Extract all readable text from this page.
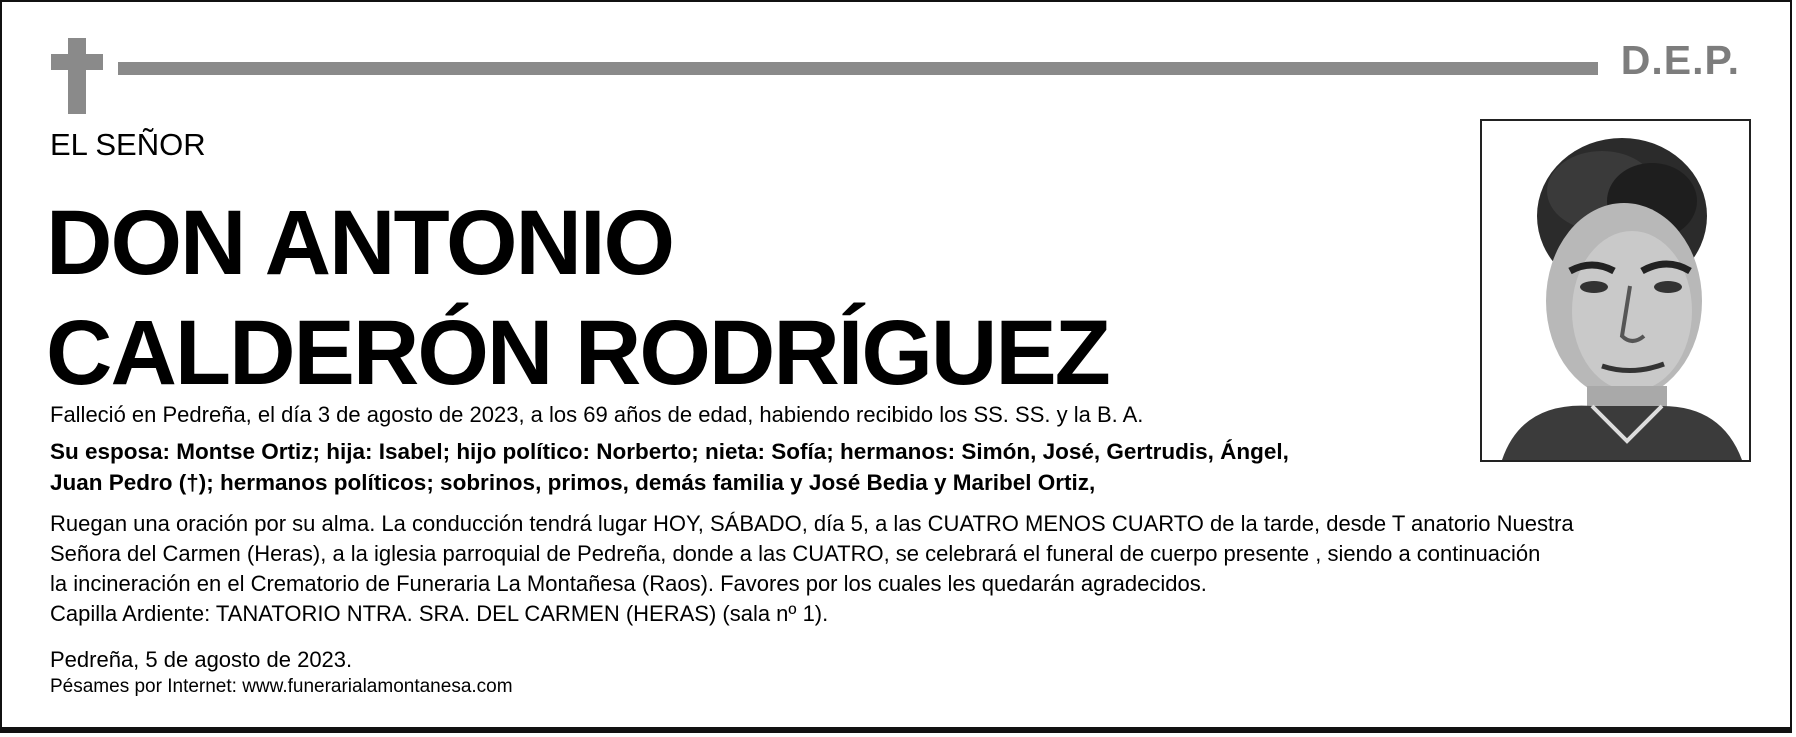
D.E.P.
EL SEÑOR
DON ANTONIO
CALDERÓN RODRÍGUEZ
Falleció en Pedreña, el día 3 de agosto de 2023, a los 69 años de edad, habiendo recibido los SS. SS. y la B. A.
Su esposa: Montse Ortiz; hija: Isabel; hijo político: Norberto; nieta: Sofía; hermanos: Simón, José, Gertrudis, Ángel,
Juan Pedro (†); hermanos políticos; sobrinos, primos, demás familia y José Bedia y Maribel Ortiz,
Ruegan una oración por su alma. La conducción tendrá lugar HOY, SÁBADO, día 5, a las CUATRO MENOS CUARTO de la tarde, desde T anatorio Nuestra
Señora del Carmen (Heras), a la iglesia parroquial de Pedreña, donde a las CUATRO, se celebrará el funeral de cuerpo presente , siendo a continuación
la incineración en el Crematorio de Funeraria La Montañesa (Raos). Favores por los cuales les quedarán agradecidos.
Capilla Ardiente: TANATORIO NTRA. SRA. DEL CARMEN (HERAS) (sala nº 1).
Pedreña, 5 de agosto de 2023.
Pésames por Internet: www.funerarialamontanesa.com
